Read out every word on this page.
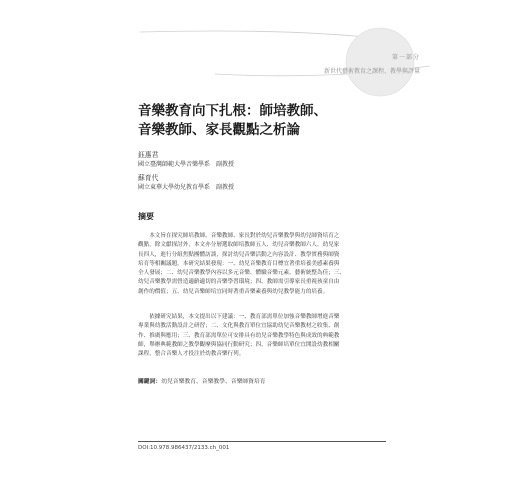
第一部分
新世代藝術教育之課程、教學與評量
音樂教育向下扎根：師培教師、
音樂教師、家長觀點之析論
鈺惠君
國立臺灣師範大學音樂學系　副教授
蘇育代
國立東華大學幼兒教育學系　副教授
摘要
　　本文旨在探究師培教師、音樂教師、家長對於幼兒音樂教學與幼兒師資培育之
觀點。除文獻探討外，本文亦分層選取師培教師五人、幼兒音樂教師六人、幼兒家
長四人，進行分組焦點團體訪談，探討幼兒音樂活動之內容設計、教學實務與師資
培育等相關議題。本研究結果發現：一、幼兒音樂教育目標宜著重培養美感素養與
全人發展；二、幼兒音樂教學內容以多元音樂、體驗音樂元素、藝術統整為佳；三、
幼兒音樂教學需營造適齡適切的音樂學習環境；四、教師需引導家長重視孩童自由
創作的價值；五、幼兒音樂師培宜同時著重音樂素養與幼兒教學能力的培養。
　　依據研究結果，本文提出以下建議：一、教育部需單位加強音樂教師增進音樂
專業與幼教活動設計之研習；二、文化與教育單位宜協助幼兒音樂教材之收集、創
作、推廣與應用；三、教育部需單位可安排具有幼兒音樂教學特色與成效的典範教
師，舉辦典範教師之教學觀摩與協同行動研究；四、音樂師培單位宜開設幼教相關
課程，整合音樂人才投注於幼教音樂行列。
關鍵詞：幼兒音樂教育、音樂教學、音樂師資培育
DOI:10.978.986437/2133.ch_001
